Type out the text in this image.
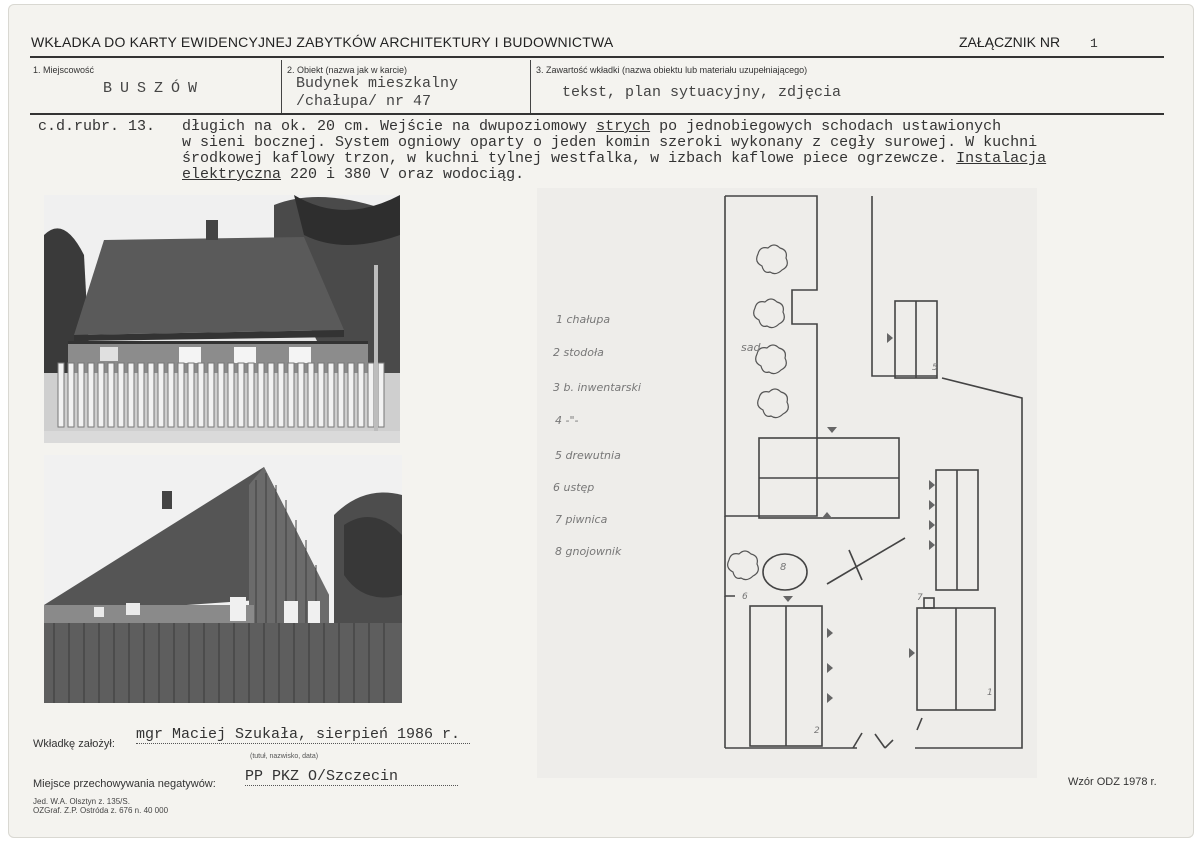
WKŁADKA DO KARTY EWIDENCYJNEJ ZABYTKÓW ARCHITEKTURY I BUDOWNICTWA	ZAŁĄCZNIK NR 1
1. Miejscowość
BUSZÓW
2. Obiekt (nazwa jak w karcie)
Budynek mieszkalny
/chałupa/ nr 47
3. Zawartość wkładki (nazwa obiektu lub materiału uzupełniającego)
tekst, plan sytuacyjny, zdjęcia
c.d.rubr. 13. długich na ok. 20 cm. Wejście na dwupoziomowy strych po jednobiegowych schodach ustawionych
w sieni bocznej. System ogniowy oparty o jeden komin szeroki wykonany z cegły surowej. W kuchni
środkowej kaflowy trzon, w kuchni tylnej westfalka, w izbach kaflowe piece ogrzewcze. Instalacja
elektryczna 220 i 380 V oraz wodociąg.
sad
8
6	7
1
2
5
1 chałupa
2 stodoła
3 b. inwentarski
4 -"-
5 drewutnia
6 ustęp
7 piwnica
8 gnojownik
Wkładkę założył:
mgr Maciej Szukała, sierpień 1986 r.
(tutuł, nazwisko, data)
Miejsce przechowywania negatywów: PP PKZ O/Szczecin
Jed. W.A. Olsztyn z. 135/S.
OZGraf. Z.P. Ostróda z. 676 n. 40 000
Wzór ODZ 1978 r.
